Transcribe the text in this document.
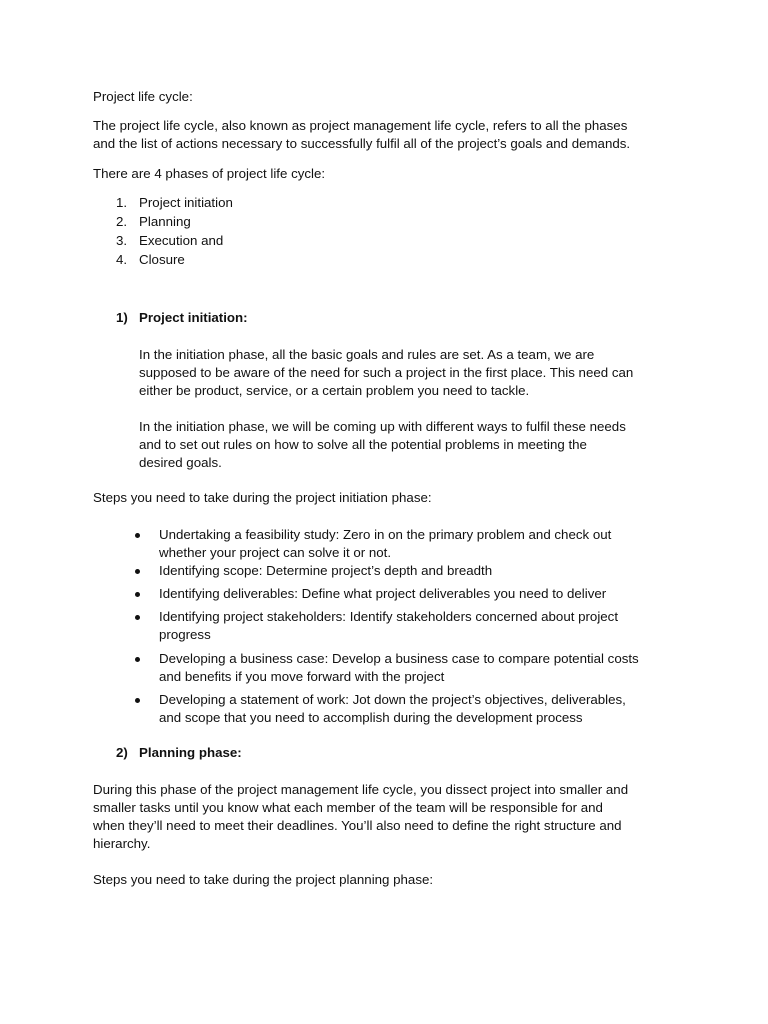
Project life cycle:

The project life cycle, also known as project management life cycle, refers to all the phases
and the list of actions necessary to successfully fulfil all of the project’s goals and demands.

There are 4 phases of project life cycle:

1. Project initiation
2. Planning
3. Execution and
4. Closure
1) Project initiation:
In the initiation phase, all the basic goals and rules are set. As a team, we are
supposed to be aware of the need for such a project in the first place. This need can
either be product, service, or a certain problem you need to tackle.
In the initiation phase, we will be coming up with different ways to fulfil these needs
and to set out rules on how to solve all the potential problems in meeting the
desired goals.

Steps you need to take during the project initiation phase:

Undertaking a feasibility study: Zero in on the primary problem and check out
whether your project can solve it or not.
Identifying scope: Determine project’s depth and breadth
Identifying deliverables: Define what project deliverables you need to deliver
Identifying project stakeholders: Identify stakeholders concerned about project
progress
Developing a business case: Develop a business case to compare potential costs
and benefits if you move forward with the project
Developing a statement of work: Jot down the project’s objectives, deliverables,
and scope that you need to accomplish during the development process
2) Planning phase:
During this phase of the project management life cycle, you dissect project into smaller and
smaller tasks until you know what each member of the team will be responsible for and
when they’ll need to meet their deadlines. You’ll also need to define the right structure and
hierarchy.

Steps you need to take during the project planning phase:
